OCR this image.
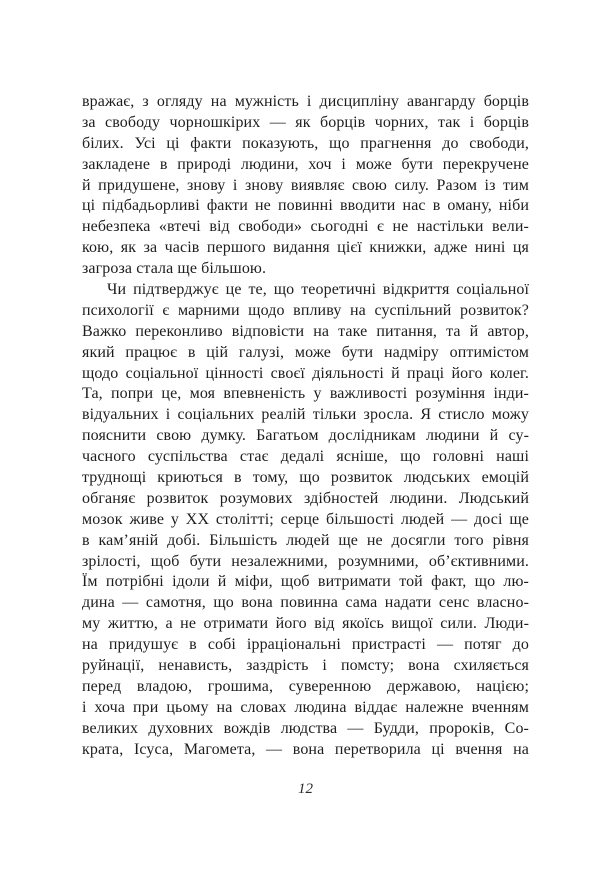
вражає, з огляду на мужність і дисципліну авангарду борців
за свободу чорношкірих — як борців чорних, так і борців
білих. Усі ці факти показують, що прагнення до свободи,
закладене в природі людини, хоч і може бути перекручене
й придушене, знову і знову виявляє свою силу. Разом із тим
ці підбадьорливі факти не повинні вводити нас в оману, ніби
небезпека «втечі від свободи» сьогодні є не настільки вели-
кою, як за часів першого видання цієї книжки, адже нині ця
загроза стала ще більшою.
Чи підтверджує це те, що теоретичні відкриття соціальної
психології є марними щодо впливу на суспільний розвиток?
Важко переконливо відповісти на таке питання, та й автор,
який працює в цій галузі, може бути надміру оптимістом
щодо соціальної цінності своєї діяльності й праці його колег.
Та, попри це, моя впевненість у важливості розуміння інди-
відуальних і соціальних реалій тільки зросла. Я стисло можу
пояснити свою думку. Багатьом дослідникам людини й су-
часного суспільства стає дедалі ясніше, що головні наші
труднощі криються в тому, що розвиток людських емоцій
обганяє розвиток розумових здібностей людини. Людський
мозок живе у XX столітті; серце більшості людей — досі ще
в кам’яній добі. Більшість людей ще не досягли того рівня
зрілості, щоб бути незалежними, розумними, об’єктивними.
Їм потрібні ідоли й міфи, щоб витримати той факт, що лю-
дина — самотня, що вона повинна сама надати сенс власно-
му життю, а не отримати його від якоїсь вищої сили. Люди-
на придушує в собі ірраціональні пристрасті — потяг до
руйнації, ненависть, заздрість і помсту; вона схиляється
перед владою, грошима, суверенною державою, нацією;
і хоча при цьому на словах людина віддає належне вченням
великих духовних вождів людства — Будди, пророків, Со-
крата, Ісуса, Магомета, — вона перетворила ці вчення на
12
